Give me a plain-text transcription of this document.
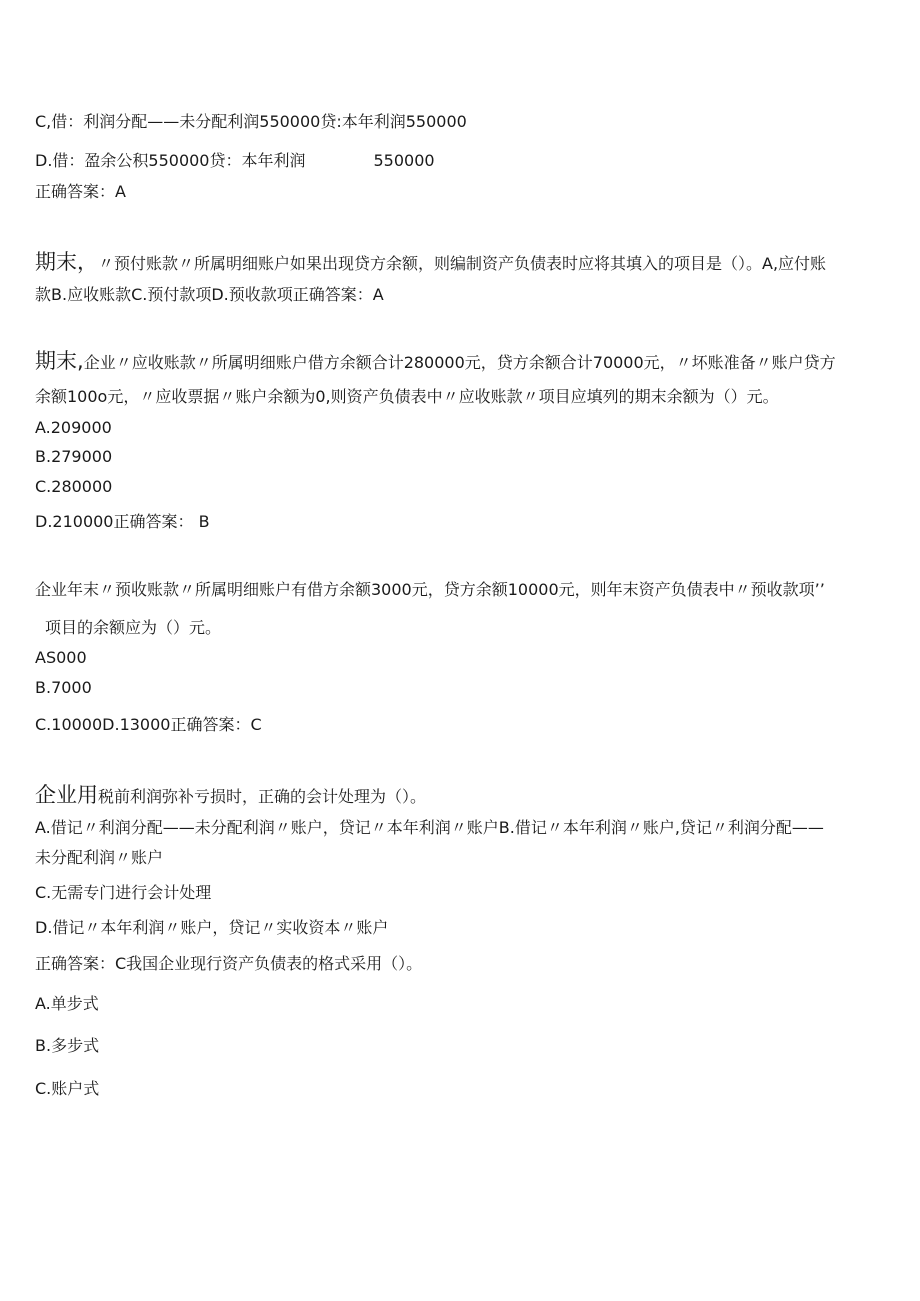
C,借：利润分配——未分配利润550000贷:本年利润550000
D.借：盈余公积550000贷：本年利润	550000
正确答案：A
期末，〃预付账款〃所属明细账户如果出现贷方余额，则编制资产负债表时应将其填入的项目是（）。A,应付账
款B.应收账款C.预付款项D.预收款项正确答案：A
期末,企业〃应收账款〃所属明细账户借方余额合计280000元，贷方余额合计70000元，〃坏账准备〃账户贷方
余额100o元，〃应收票据〃账户余额为0,则资产负债表中〃应收账款〃项目应填列的期末余额为（）元。
A.209000
B.279000
C.280000
D.210000正确答案： B
企业年末〃预收账款〃所属明细账户有借方余额3000元，贷方余额10000元，则年末资产负债表中〃预收款项’’
项目的余额应为（）元。
AS000
B.7000
C.10000D.13000正确答案：C
企业用税前利润弥补亏损时，正确的会计处理为（）。
A.借记〃利润分配——未分配利润〃账户，贷记〃本年利润〃账户B.借记〃本年利润〃账户,贷记〃利润分配——
未分配利润〃账户
C.无需专门进行会计处理
D.借记〃本年利润〃账户，贷记〃实收资本〃账户
正确答案：C我国企业现行资产负债表的格式采用（）。
A.单步式
B.多步式
C.账户式
